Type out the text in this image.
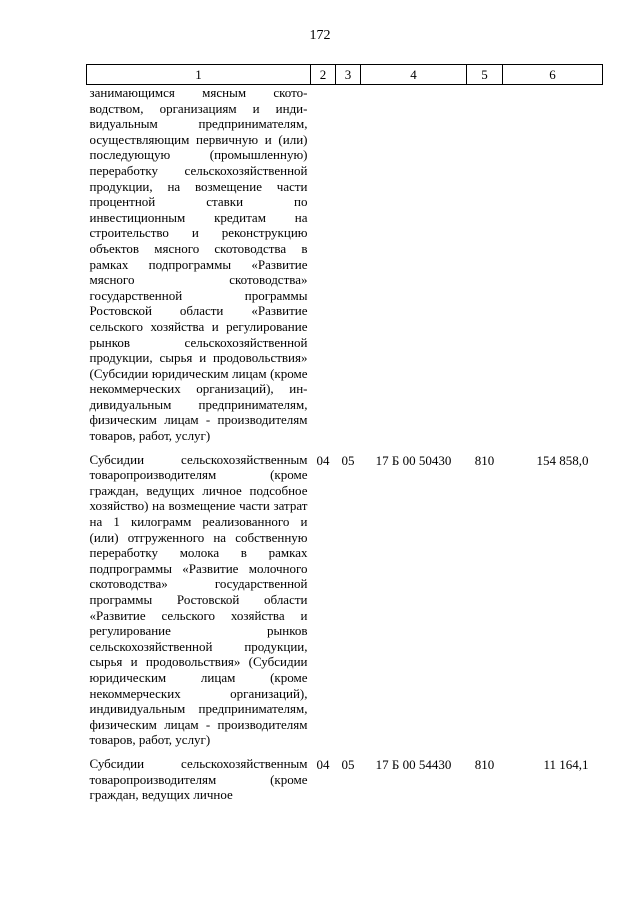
172
1	2	3	4	5	6
занимающимся мясным скотоводством, организациям и индивидуальным предпринимателям, осуществляющим первичную и (или) последующую (промышленную) переработку сельскохозяйственной продукции, на возмещение части процентной ставки по инвестиционным кредитам на строительство и реконструкцию объектов мясного скотоводства в рамках подпрограммы «Развитие мясного скотоводства» государственной программы Ростовской области «Развитие сельского хозяйства и регулирование рынков сельскохозяйственной продукции, сырья и продовольствия» (Субсидии юридическим лицам (кроме некоммерческих организаций), индивидуальным предпринимателям, физическим лицам - производителям товаров, работ, услуг)					
Субсидии сельскохозяйственным товаропроизводителям (кроме граждан, ведущих личное подсобное хозяйство) на возмещение части затрат на 1 килограмм реализованного и (или) отгруженного на собственную переработку молока в рамках подпрограммы «Развитие молочного скотоводства» государственной программы Ростовской области «Развитие сельского хозяйства и регулирование рынков сельскохозяйственной продукции, сырья и продовольствия» (Субсидии юридическим лицам (кроме некоммерческих организаций), индивидуальным предпринимателям, физическим лицам - производителям товаров, работ, услуг)	04	05	17 Б 00 50430	810	154 858,0
Субсидии сельскохозяйственным товаропроизводителям (кроме граждан, ведущих личное	04	05	17 Б 00 54430	810	11 164,1
